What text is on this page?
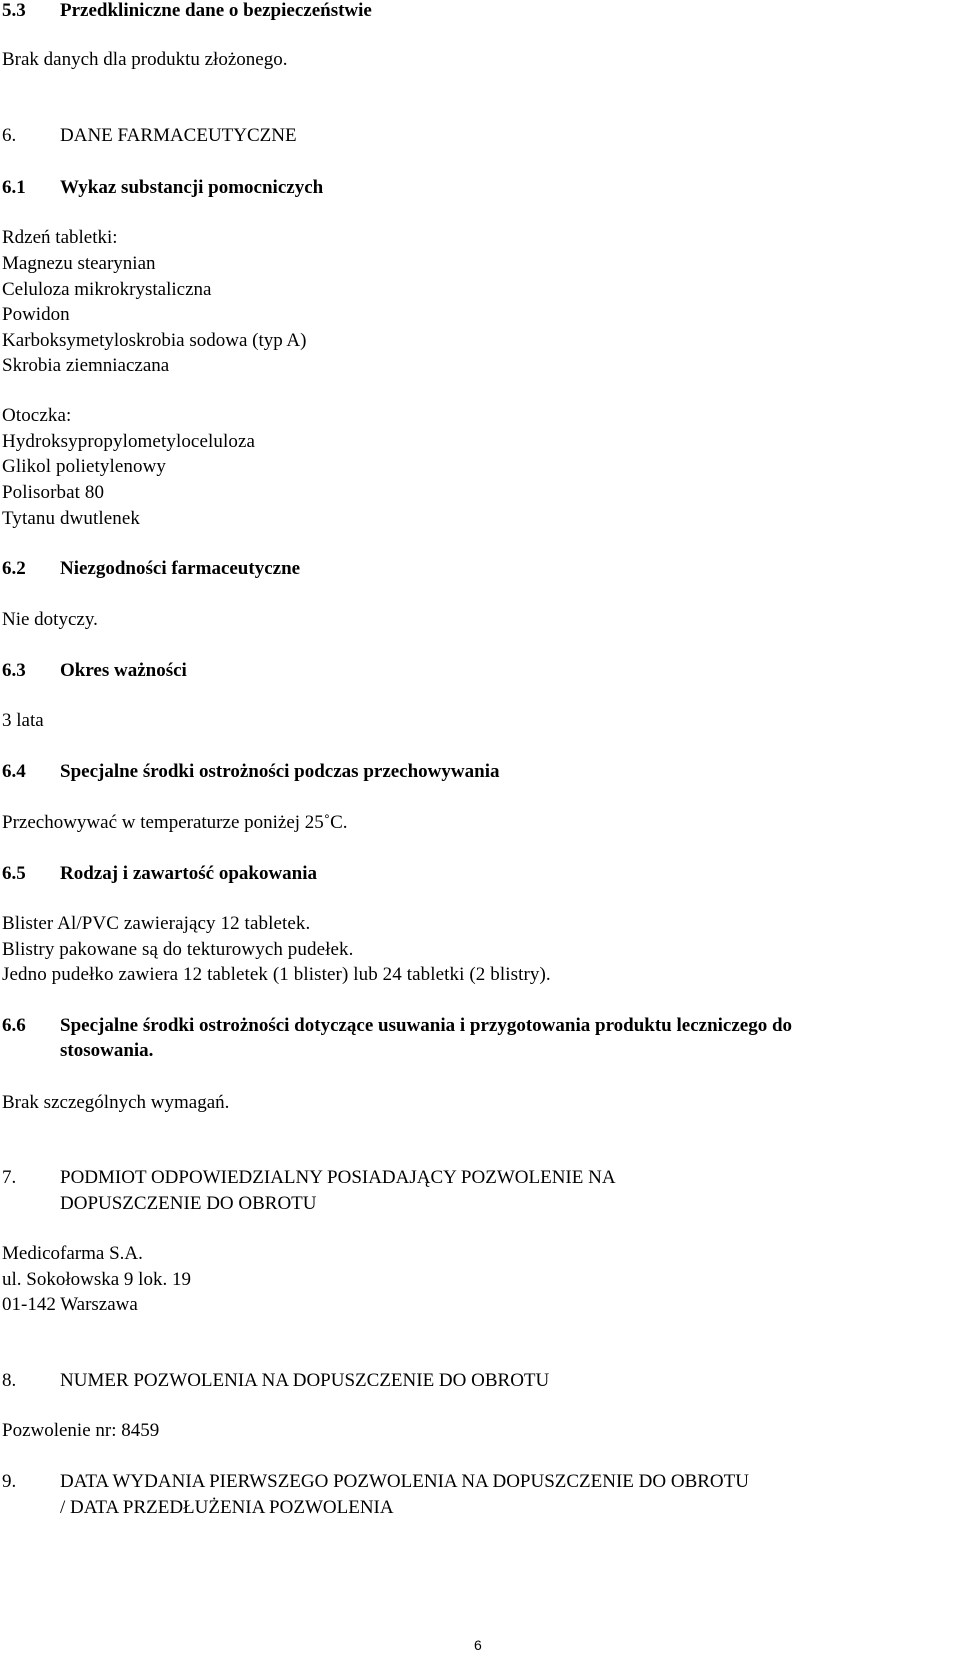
5.3 Przedkliniczne dane o bezpieczeństwie
Brak danych dla produktu złożonego.
6. DANE FARMACEUTYCZNE
6.1 Wykaz substancji pomocniczych
Rdzeń tabletki:
Magnezu stearynian
Celuloza mikrokrystaliczna
Powidon
Karboksymetyloskrobia sodowa (typ A)
Skrobia ziemniaczana
Otoczka:
Hydroksypropylometyloceluloza
Glikol polietylenowy
Polisorbat 80
Tytanu dwutlenek
6.2 Niezgodności farmaceutyczne
Nie dotyczy.
6.3 Okres ważności
3 lata
6.4 Specjalne środki ostrożności podczas przechowywania
Przechowywać w temperaturze poniżej 25˚C.
6.5 Rodzaj i zawartość opakowania
Blister Al/PVC zawierający 12 tabletek.
Blistry pakowane są do tekturowych pudełek.
Jedno pudełko zawiera 12 tabletek (1 blister) lub 24 tabletki (2 blistry).
6.6 Specjalne środki ostrożności dotyczące usuwania i przygotowania produktu leczniczego do
stosowania.
Brak szczególnych wymagań.
7. PODMIOT ODPOWIEDZIALNY POSIADAJĄCY POZWOLENIE NA
DOPUSZCZENIE DO OBROTU
Medicofarma S.A.
ul. Sokołowska 9 lok. 19
01-142 Warszawa
8. NUMER POZWOLENIA NA DOPUSZCZENIE DO OBROTU
Pozwolenie nr: 8459
9. DATA WYDANIA PIERWSZEGO POZWOLENIA NA DOPUSZCZENIE DO OBROTU
/ DATA PRZEDŁUŻENIA POZWOLENIA
6
